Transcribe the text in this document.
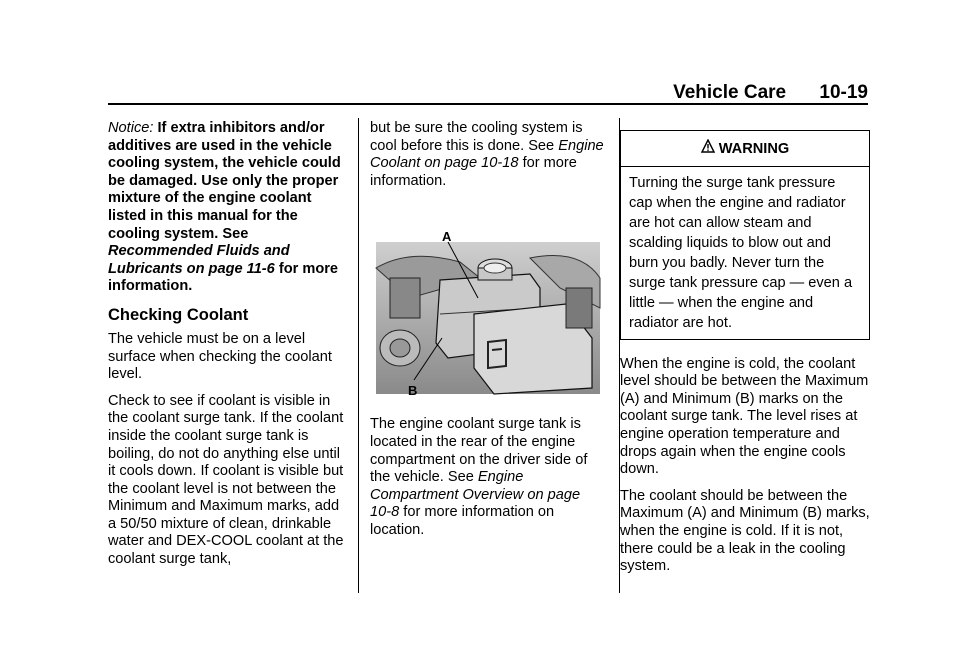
Vehicle Care 10-19

Notice: If extra inhibitors and/or additives are used in the vehicle cooling system, the vehicle could be damaged. Use only the proper mixture of the engine coolant listed in this manual for the cooling system. See Recommended Fluids and Lubricants on page 11-6 for more information.

Checking Coolant

The vehicle must be on a level surface when checking the coolant level.

Check to see if coolant is visible in the coolant surge tank. If the coolant inside the coolant surge tank is boiling, do not do anything else until it cools down. If coolant is visible but the coolant level is not between the Minimum and Maximum marks, add a 50/50 mixture of clean, drinkable water and DEX-COOL coolant at the coolant surge tank,

but be sure the cooling system is cool before this is done. See Engine Coolant on page 10-18 for more information.

A
B

The engine coolant surge tank is located in the rear of the engine compartment on the driver side of the vehicle. See Engine Compartment Overview on page 10-8 for more information on location.

WARNING
Turning the surge tank pressure cap when the engine and radiator are hot can allow steam and scalding liquids to blow out and burn you badly. Never turn the surge tank pressure cap — even a little — when the engine and radiator are hot.

When the engine is cold, the coolant level should be between the Maximum (A) and Minimum (B) marks on the coolant surge tank. The level rises at engine operation temperature and drops again when the engine cools down.

The coolant should be between the Maximum (A) and Minimum (B) marks, when the engine is cold. If it is not, there could be a leak in the cooling system.
